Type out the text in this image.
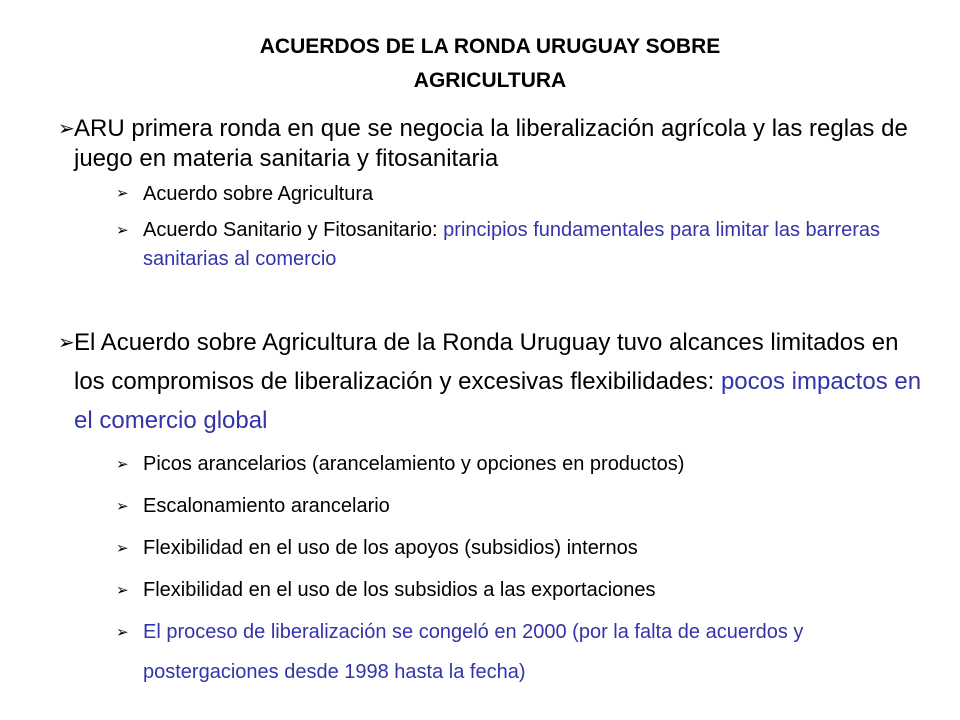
ACUERDOS DE LA RONDA URUGUAY SOBRE
AGRICULTURA
➢ ARU primera ronda en que se negocia la liberalización agrícola y las reglas de juego en materia sanitaria y fitosanitaria
➢ Acuerdo sobre Agricultura
➢ Acuerdo Sanitario y Fitosanitario: principios fundamentales para limitar las barreras sanitarias al comercio
➢ El Acuerdo sobre Agricultura de la Ronda Uruguay tuvo alcances limitados en los compromisos de liberalización y excesivas flexibilidades: pocos impactos en el comercio global
➢ Picos arancelarios (arancelamiento y opciones en productos)
➢ Escalonamiento arancelario
➢ Flexibilidad en el uso de los apoyos (subsidios) internos
➢ Flexibilidad en el uso de los subsidios a las exportaciones
➢ El proceso de liberalización se congeló en 2000 (por la falta de acuerdos y postergaciones desde 1998 hasta la fecha)
